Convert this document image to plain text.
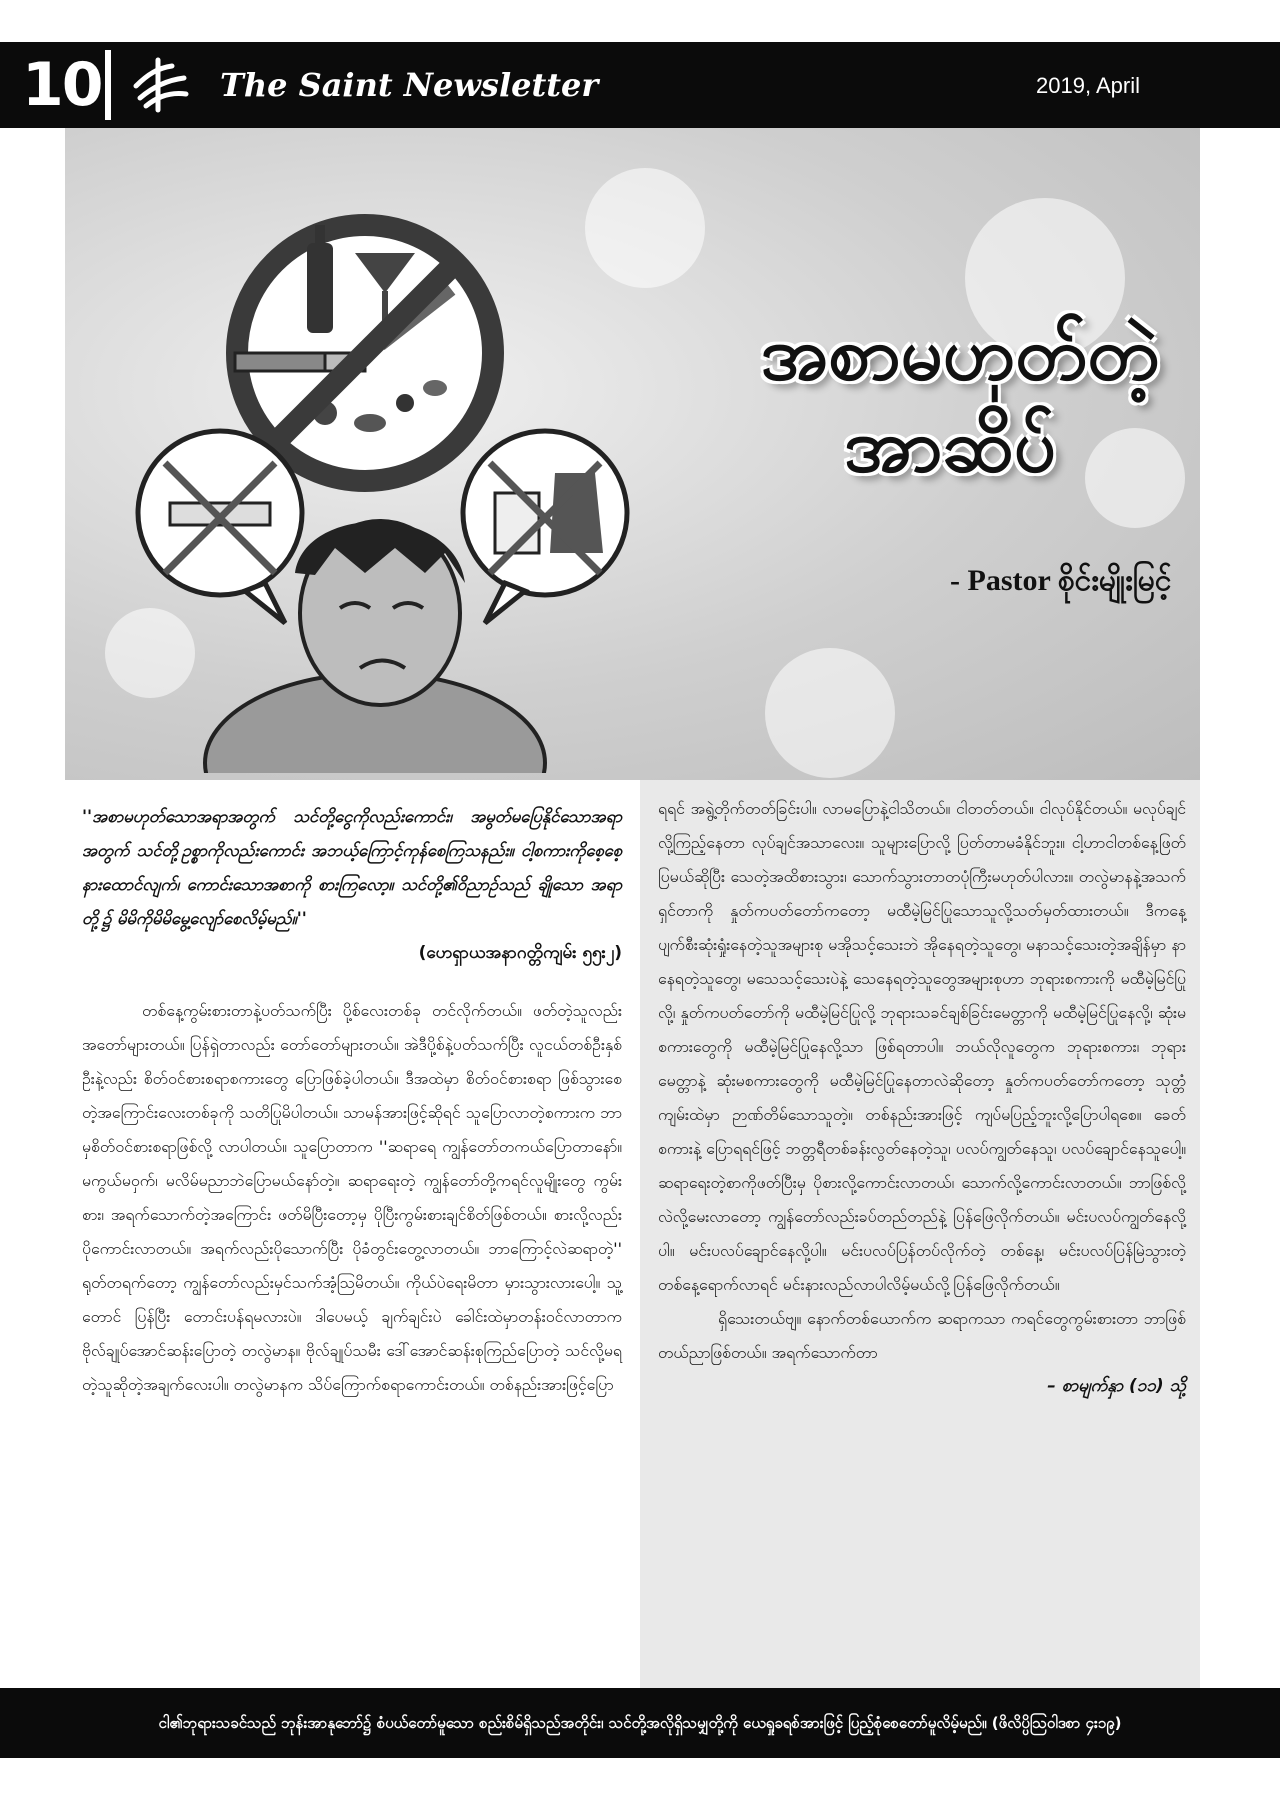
10	The Saint Newsletter	2019, April
အစာမဟုတ်တဲ့
အာဆိပ်
- Pastor စိုင်းမျိုးမြင့်
''အစာမဟုတ်သောအရာအတွက် သင်တို့ငွေကိုလည်းကောင်း၊ အမွတ်မပြေနိုင်သောအရာအတွက် သင်တို့ဥစ္စာကိုလည်းကောင်း အဘယ့်ကြောင့်ကုန်စေကြသနည်း။ ငါ့စကားကိုစေ့စေ့နားထောင်လျက်၊ ကောင်းသောအစာကို စားကြလော့။ သင်တို့၏ဝိညာဉ်သည် ချိုသော အရာတို့၌ မိမိကိုမိမိမွေ့လျော်စေလိမ့်မည်။''
(ဟေရှာယအနာဂတ္တိကျမ်း ၅၅း၂)

တစ်နေ့ကွမ်းစားတာနဲ့ပတ်သက်ပြီး ပို့စ်လေးတစ်ခု တင်လိုက်တယ်။ ဖတ်တဲ့သူလည်း အတော်များတယ်။ ပြန်ရှဲတာလည်း တော်တော်များတယ်။ အဲဒီပို့စ်နဲ့ပတ်သက်ပြီး လူငယ်တစ်ဦးနှစ်ဦးနဲ့လည်း စိတ်ဝင်စားစရာစကားတွေ ပြောဖြစ်ခဲ့ပါတယ်။ ဒီအထဲမှာ စိတ်ဝင်စားစရာ ဖြစ်သွားစေတဲ့အကြောင်းလေးတစ်ခုကို သတိပြုမိပါတယ်။ သာမန်အားဖြင့်ဆိုရင် သူပြောလာတဲ့စကားက ဘာမှစိတ်ဝင်စားစရာဖြစ်လို့ လာပါတယ်။ သူပြောတာက ''ဆရာရေ ကျွန်တော်တကယ်ပြောတာနော်။ မကွယ်မဝှက်၊ မလိမ်မညာဘဲပြောမယ်နော်တဲ့။ ဆရာရေးတဲ့ ကျွန်တော်တို့ကရင်လူမျိုးတွေ ကွမ်းစား၊ အရက်သောက်တဲ့အကြောင်း ဖတ်မိပြီးတော့မှ ပိုပြီးကွမ်းစားချင်စိတ်ဖြစ်တယ်။ စားလို့လည်း ပိုကောင်းလာတယ်။ အရက်လည်းပိုသောက်ပြီး ပိုခံတွင်းတွေ့လာတယ်။ ဘာကြောင့်လဲဆရာတဲ့'' ရုတ်တရက်တော့ ကျွန်တော်လည်းမှင်သက်အံ့ဩမိတယ်။ ကိုယ်ပဲရေးမိတာ မှားသွားလားပေါ့။ သူ့တောင် ပြန်ပြီး တောင်းပန်ရမလားပဲ။ ဒါပေမယ့် ချက်ချင်းပဲ ခေါင်းထဲမှာတန်းဝင်လာတာက ဗိုလ်ချုပ်အောင်ဆန်းပြောတဲ့ တလွဲမာန။ ဗိုလ်ချုပ်သမီး ဒေါ်အောင်ဆန်းစုကြည်ပြောတဲ့ သင်လို့မရတဲ့သူဆိုတဲ့အချက်လေးပါ။ တလွဲမာနက သိပ်ကြောက်စရာကောင်းတယ်။ တစ်နည်းအားဖြင့်ပြော

ရရင် အရွဲ့တိုက်တတ်ခြင်းပါ။ လာမပြောနဲ့ငါသိတယ်။ ငါတတ်တယ်။ ငါလုပ်နိုင်တယ်။ မလုပ်ချင်လို့ကြည့်နေတာ လုပ်ချင်အသာလေး။ သူများပြောလို့ ပြတ်တာမခံနိုင်ဘူး။ ငါ့ဟာငါတစ်နေ့ဖြတ်ပြမယ်ဆိုပြီး သေတဲ့အထိစားသွား၊ သောက်သွားတာတပုံကြီးမဟုတ်ပါလား။ တလွဲမာနနဲ့အသက်ရှင်တာကို နှုတ်ကပတ်တော်ကတော့ မထီမဲ့မြင်ပြုသောသူလို့သတ်မှတ်ထားတယ်။ ဒီကနေ့ ပျက်စီးဆုံးရှုံးနေတဲ့သူအများစု မအိုသင့်သေးဘဲ အိုနေရတဲ့သူတွေ၊ မနာသင့်သေးတဲ့အချိန်မှာ နာနေရတဲ့သူတွေ၊ မသေသင့်သေးပဲနဲ့ သေနေရတဲ့သူတွေအများစုဟာ ဘုရားစကားကို မထီမဲ့မြင်ပြုလို့၊ နှုတ်ကပတ်တော်ကို မထီမဲ့မြင်ပြုလို့ ဘုရားသခင်ချစ်ခြင်းမေတ္တာကို မထီမဲ့မြင်ပြုနေလို့၊ ဆုံးမစကားတွေကို မထီမဲ့မြင်ပြုနေလို့သာ ဖြစ်ရတာပါ။ ဘယ်လိုလူတွေက ဘုရားစကား၊ ဘုရားမေတ္တာနဲ့ ဆုံးမစကားတွေကို မထီမဲ့မြင်ပြုနေတာလဲဆိုတော့ နှုတ်ကပတ်တော်ကတော့ သုတ္တံကျမ်းထဲမှာ ဉာဏ်တိမ်သောသူတဲ့။ တစ်နည်းအားဖြင့် ကျပ်မပြည့်ဘူးလို့ပြောပါရစေ။ ခေတ်စကားနဲ့ ပြောရရင်ဖြင့် ဘတ္တရီတစ်ခန်းလွတ်နေတဲ့သူ၊ ပလပ်ကျွတ်နေသူ၊ ပလပ်ချောင်နေသူပေါ့။ ဆရာရေးတဲ့စာကိုဖတ်ပြီးမှ ပိုစားလို့ကောင်းလာတယ်၊ သောက်လို့ကောင်းလာတယ်။ ဘာဖြစ်လို့လဲလို့မေးလာတော့ ကျွန်တော်လည်းခပ်တည်တည်နဲ့ ပြန်ဖြေလိုက်တယ်။ မင်းပလပ်ကျွတ်နေလို့ပါ။ မင်းပလပ်ချောင်နေလို့ပါ။ မင်းပလပ်ပြန်တပ်လိုက်တဲ့ တစ်နေ့၊ မင်းပလပ်ပြန်မြဲသွားတဲ့တစ်နေ့ရောက်လာရင် မင်းနားလည်လာပါလိမ့်မယ်လို့ပြန်ဖြေလိုက်တယ်။

ရှိသေးတယ်ဗျ။ နောက်တစ်ယောက်က ဆရာကသာ ကရင်တွေကွမ်းစားတာ ဘာဖြစ်တယ်ညာဖြစ်တယ်။ အရက်သောက်တာ

– စာမျက်နှာ (၁၁) သို့
ငါ၏ဘုရားသခင်သည် ဘုန်းအာနုဘော်၌ စံပယ်တော်မူသော စည်းစိမ်ရှိသည်အတိုင်း၊ သင်တို့အလိုရှိသမျှတို့ကို ယေရှုခရစ်အားဖြင့် ပြည့်စုံစေတော်မူလိမ့်မည်။ (ဖိလိပ္ပိဩဝါဒစာ ၄း၁၉)
